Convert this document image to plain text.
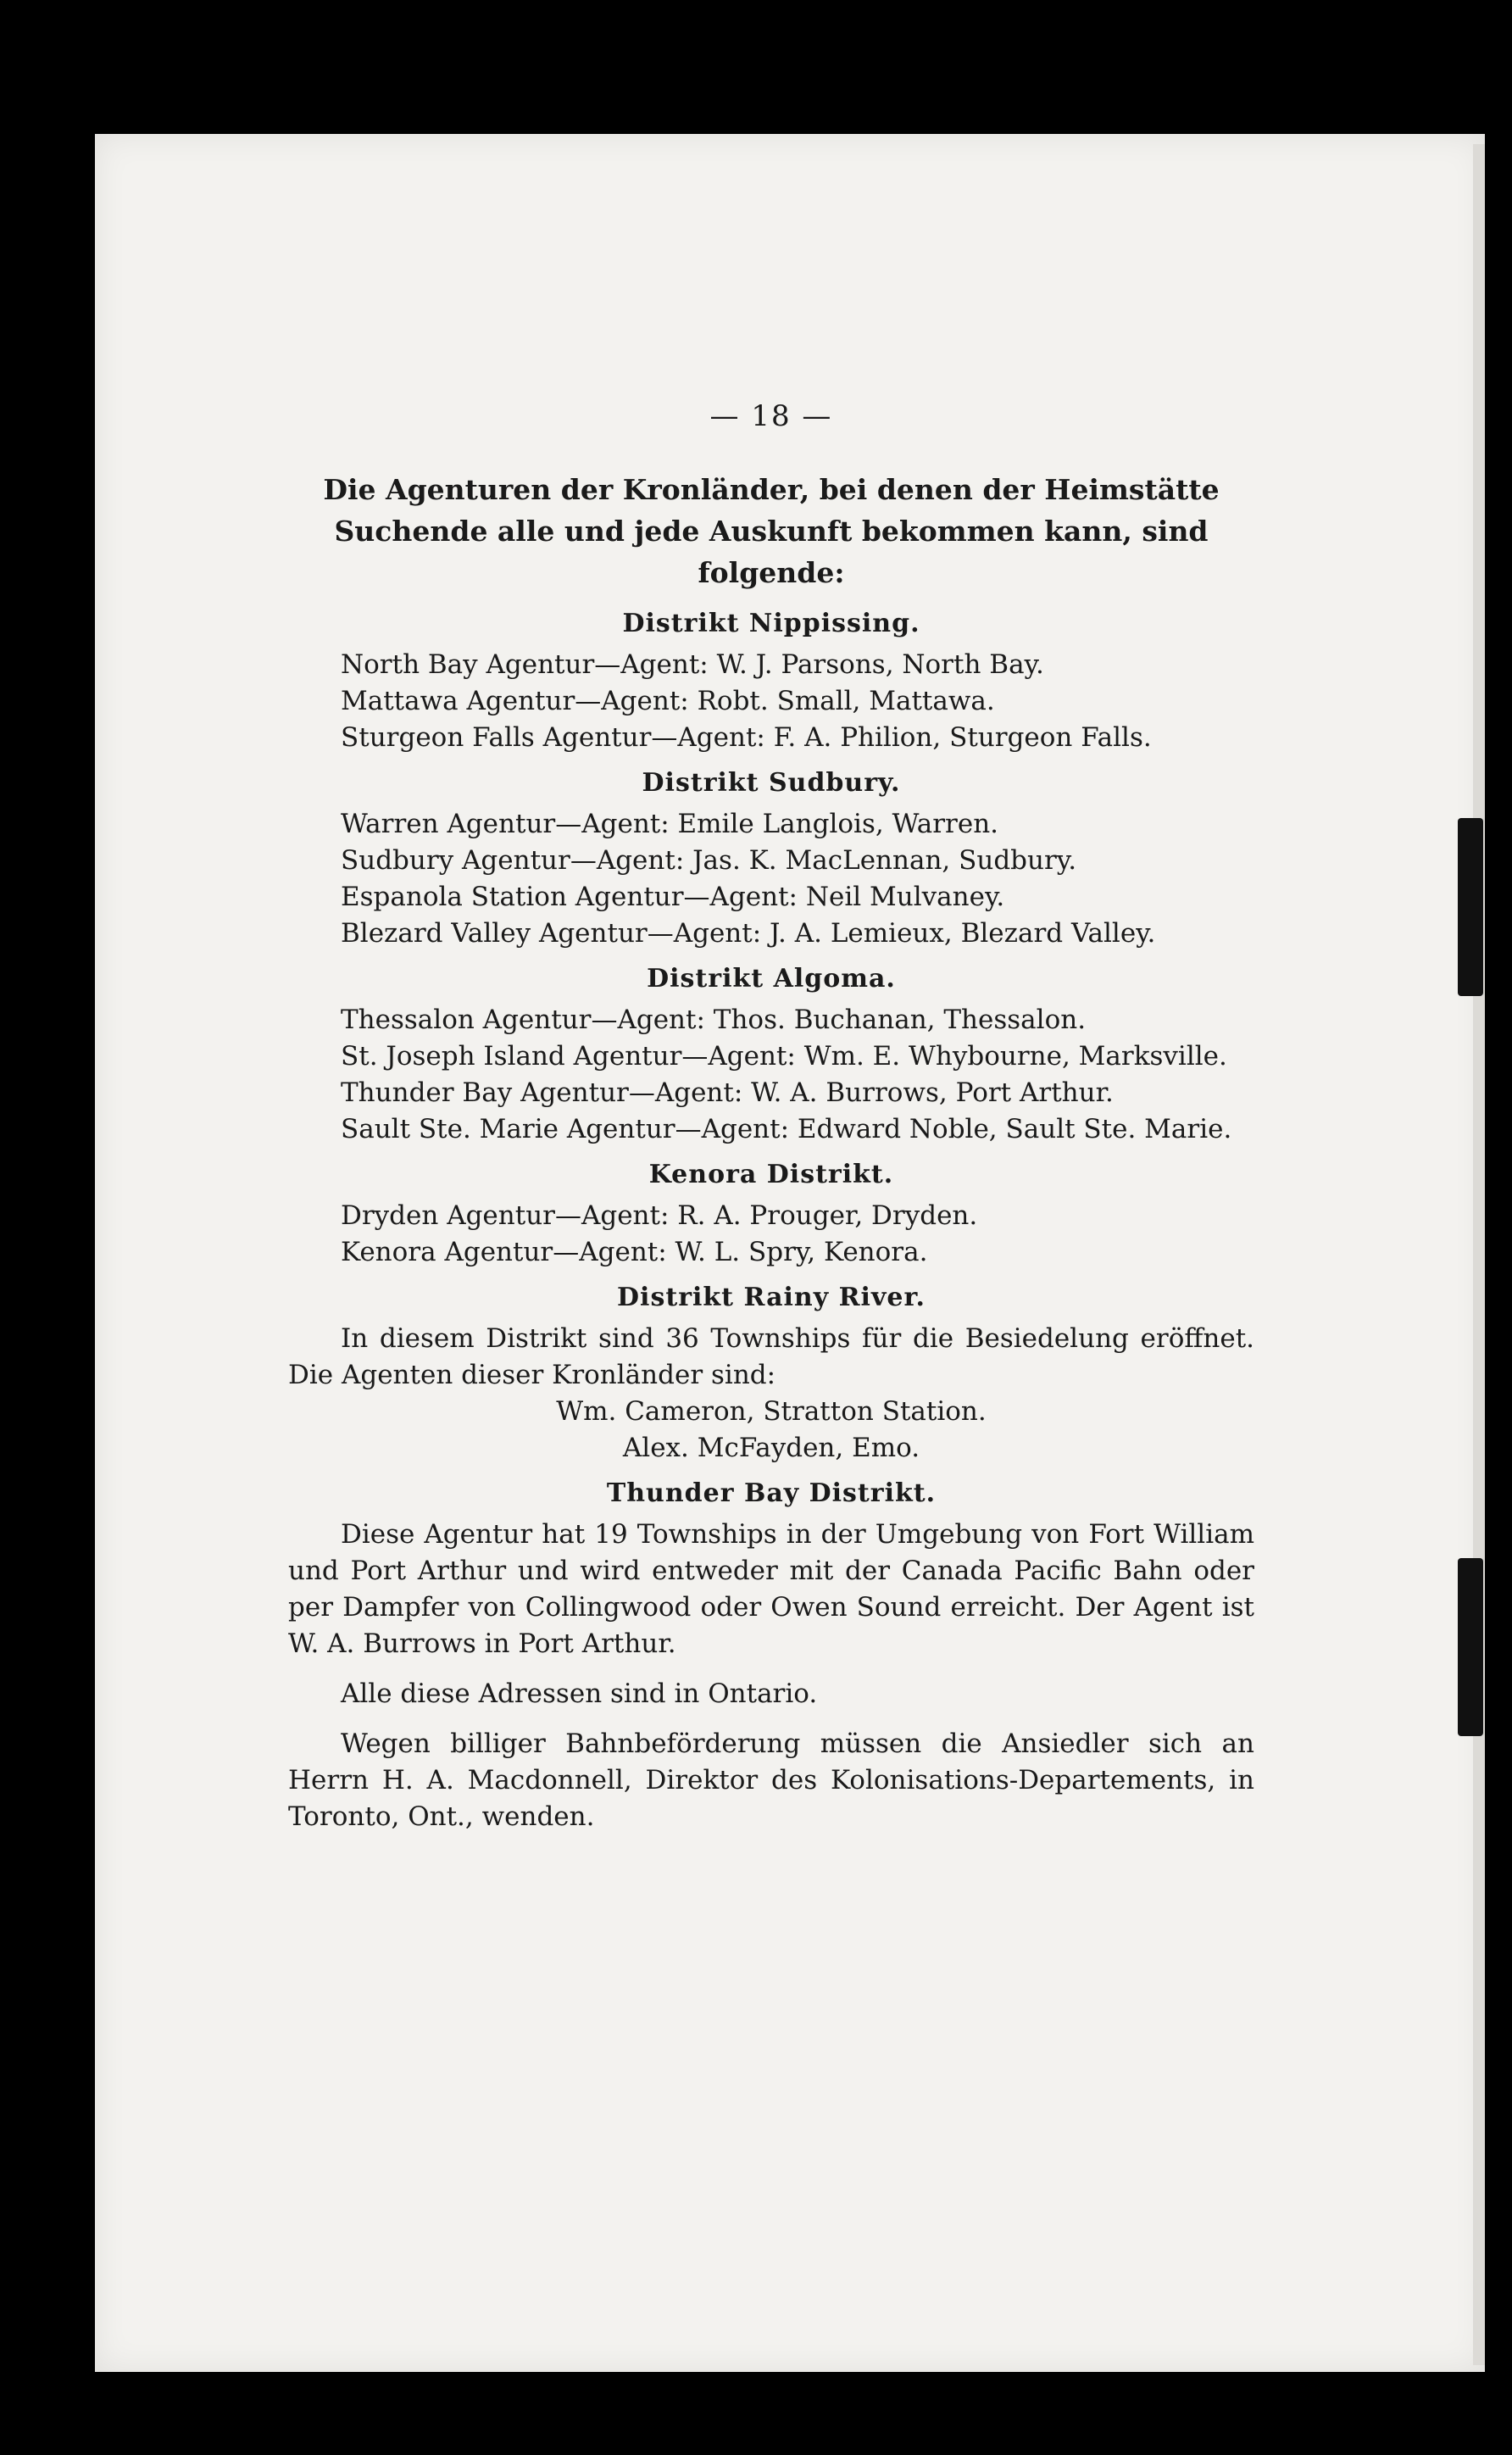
— 18 —
Die Agenturen der Kronländer, bei denen der Heimstätte Suchende alle und jede Auskunft bekommen kann, sind folgende:
Distrikt Nippissing.

North Bay Agentur—Agent: W. J. Parsons, North Bay.

Mattawa Agentur—Agent: Robt. Small, Mattawa.

Sturgeon Falls Agentur—Agent: F. A. Philion, Sturgeon Falls.

Distrikt Sudbury.

Warren Agentur—Agent: Emile Langlois, Warren.

Sudbury Agentur—Agent: Jas. K. MacLennan, Sudbury.

Espanola Station Agentur—Agent: Neil Mulvaney.

Blezard Valley Agentur—Agent: J. A. Lemieux, Blezard Valley.

Distrikt Algoma.

Thessalon Agentur—Agent: Thos. Buchanan, Thessalon.

St. Joseph Island Agentur—Agent: Wm. E. Whybourne, Marksville.

Thunder Bay Agentur—Agent: W. A. Burrows, Port Arthur.

Sault Ste. Marie Agentur—Agent: Edward Noble, Sault Ste. Marie.

Kenora Distrikt.

Dryden Agentur—Agent: R. A. Prouger, Dryden.

Kenora Agentur—Agent: W. L. Spry, Kenora.

Distrikt Rainy River.

In diesem Distrikt sind 36 Townships für die Besiedelung eröffnet. Die Agenten dieser Kronländer sind:

Wm. Cameron, Stratton Station.

Alex. McFayden, Emo.

Thunder Bay Distrikt.

Diese Agentur hat 19 Townships in der Umgebung von Fort William und Port Arthur und wird entweder mit der Canada Pacific Bahn oder per Dampfer von Collingwood oder Owen Sound erreicht. Der Agent ist W. A. Burrows in Port Arthur.

Alle diese Adressen sind in Ontario.

Wegen billiger Bahnbeförderung müssen die Ansiedler sich an Herrn H. A. Macdonnell, Direktor des Kolonisations-Departements, in Toronto, Ont., wenden.
